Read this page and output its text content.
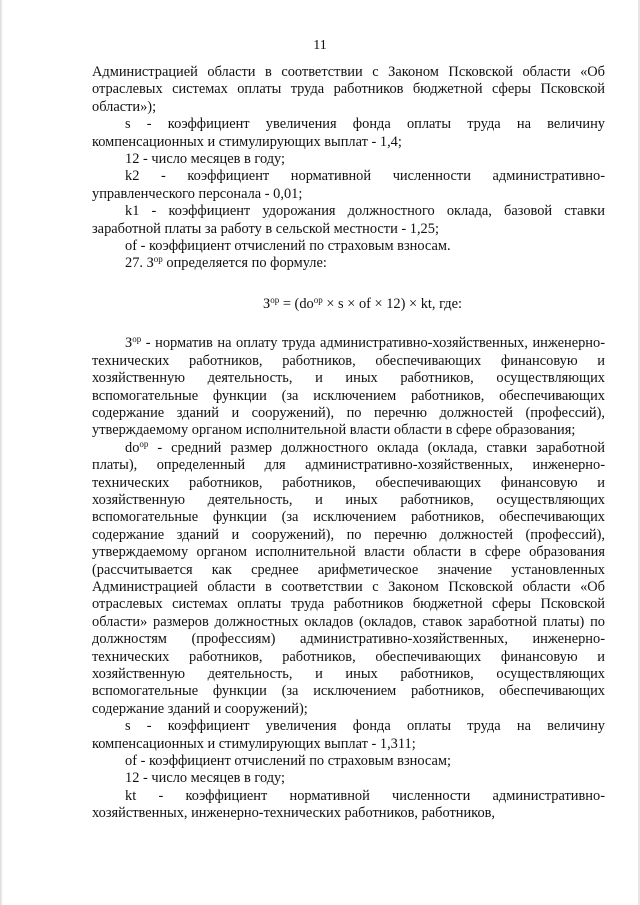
11

Администрацией области в соответствии с Законом Псковской области «Об отраслевых системах оплаты труда работников бюджетной сферы Псковской области»);

s - коэффициент увеличения фонда оплаты труда на величину компенсационных и стимулирующих выплат - 1,4;

12 - число месяцев в году;

k2 - коэффициент нормативной численности административно-управленческого персонала - 0,01;

k1 - коэффициент удорожания должностного оклада, базовой ставки заработной платы за работу в сельской местности - 1,25;

of - коэффициент отчислений по страховым взносам.

27. $З^{ор}$ определяется по формуле:

$З^{ор} = (do^{ор} \times s$ × of × 12) × kt, где:

$З^{ор}$ - норматив на оплату труда административно-хозяйственных, инженерно-технических работников, работников, обеспечивающих финансовую и хозяйственную деятельность, и иных работников, осуществляющих вспомогательные функции (за исключением работников, обеспечивающих содержание зданий и сооружений), по перечню должностей (профессий), утверждаемому органом исполнительной власти области в сфере образования;

$do^{ор}$ - средний размер должностного оклада (оклада, ставки заработной платы), определенный для административно-хозяйственных, инженерно-технических работников, работников, обеспечивающих финансовую и хозяйственную деятельность, и иных работников, осуществляющих вспомогательные функции (за исключением работников, обеспечивающих содержание зданий и сооружений), по перечню должностей (профессий), утверждаемому органом исполнительной власти области в сфере образования (рассчитывается как среднее арифметическое значение установленных Администрацией области в соответствии с Законом Псковской области «Об отраслевых системах оплаты труда работников бюджетной сферы Псковской области» размеров должностных окладов (окладов, ставок заработной платы) по должностям (профессиям) административно-хозяйственных, инженерно-технических работников, работников, обеспечивающих финансовую и хозяйственную деятельность, и иных работников, осуществляющих вспомогательные функции (за исключением работников, обеспечивающих содержание зданий и сооружений);

s - коэффициент увеличения фонда оплаты труда на величину компенсационных и стимулирующих выплат - 1,311;

of - коэффициент отчислений по страховым взносам;

12 - число месяцев в году;

kt - коэффициент нормативной численности административно-хозяйственных, инженерно-технических работников, работников,
